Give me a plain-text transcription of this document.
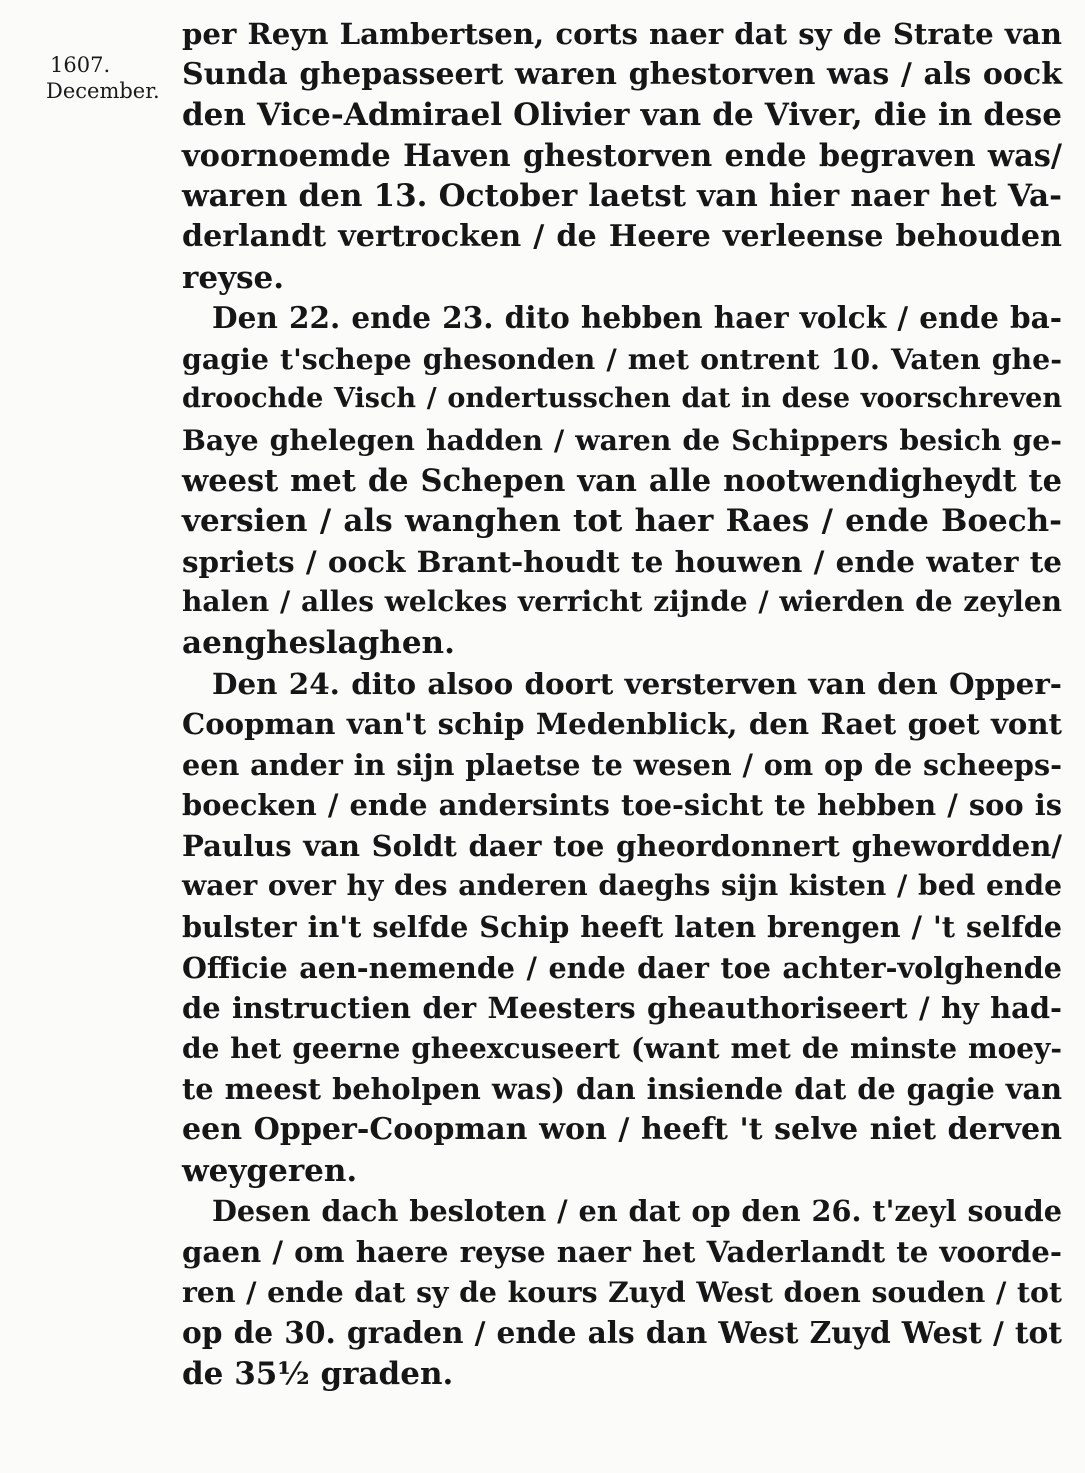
1607.
December.
per Reyn Lambertsen, corts naer dat sy de Strate van
Sunda ghepasseert waren ghestorven was / als oock
den Vice-Admirael Olivier van de Viver, die in dese
voornoemde Haven ghestorven ende begraven was/
waren den 13. October laetst van hier naer het Va-
derlandt vertrocken / de Heere verleense behouden
reyse.
Den 22. ende 23. dito hebben haer volck / ende ba-
gagie t'schepe ghesonden / met ontrent 10. Vaten ghe-
droochde Visch / ondertusschen dat in dese voorschreven
Baye ghelegen hadden / waren de Schippers besich ge-
weest met de Schepen van alle nootwendigheydt te
versien / als wanghen tot haer Raes / ende Boech-
spriets / oock Brant-houdt te houwen / ende water te
halen / alles welckes verricht zijnde / wierden de zeylen
aengheslaghen.
Den 24. dito alsoo doort versterven van den Opper-
Coopman van't schip Medenblick, den Raet goet vont
een ander in sijn plaetse te wesen / om op de scheeps-
boecken / ende andersints toe-sicht te hebben / soo is
Paulus van Soldt daer toe gheordonnert ghewordden/
waer over hy des anderen daeghs sijn kisten / bed ende
bulster in't selfde Schip heeft laten brengen / 't selfde
Officie aen-nemende / ende daer toe achter-volghende
de instructien der Meesters gheauthoriseert / hy had-
de het geerne gheexcuseert (want met de minste moey-
te meest beholpen was) dan insiende dat de gagie van
een Opper-Coopman won / heeft 't selve niet derven
weygeren.
Desen dach besloten / en dat op den 26. t'zeyl soude
gaen / om haere reyse naer het Vaderlandt te voorde-
ren / ende dat sy de kours Zuyd West doen souden / tot
op de 30. graden / ende als dan West Zuyd West / tot
de 35½ graden.
